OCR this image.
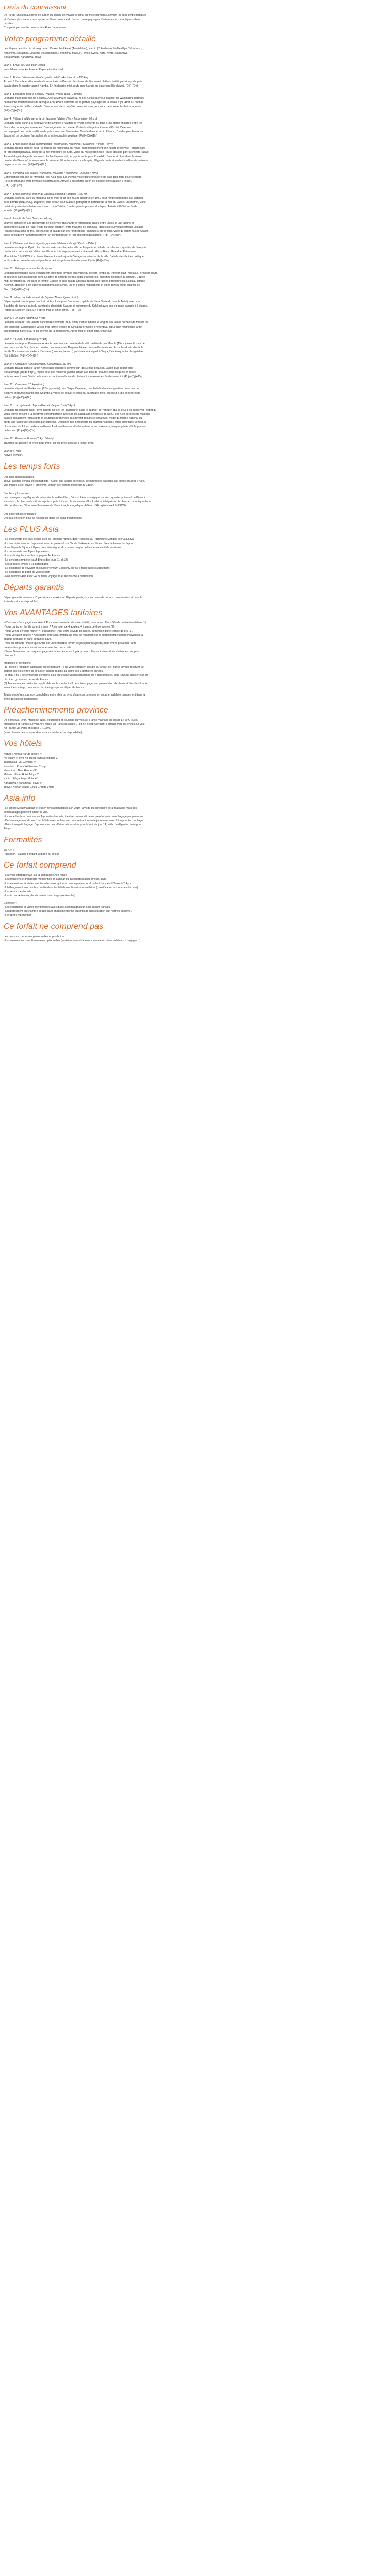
Lavis du connaisseur

De l'île de Shikoku aux rives de la mer du Japon, un voyage original qui mêle harmonieusement les sites emblématiques

et d'autres plus secrets pour apprécier l'âme profonde du Japon : entre paysages d'estampes et romantiques villes-

musées.

Complété par une découverte des Alpes Japonaises.

Votre programme détaillé

Les étapes de votre circuit en groupe : Osaka, Ile d'Awaji (Awajishima), Naruto (Tokushima), Vallée d'Iya, Takamatsu,

Naoshima, Kurashiki, Miyajima (Itsukushima), Hiroshima, Matsue, Himeji, Kyoto, Nara, Kyoto, Kanazawa,

Shirakawago, Kanazawa, Tokyo

Jour 1 : Envol de Paris pour Osaka

en vol direct avec Air France. Repas et nuit à bord.

Jour 2 : Entre château médiéval et grotte ciel (Osaka / Naruto - 130 km)

Accueil à l'arrivée et découverte de la capitale du Kansaï : l'extérieur de l'imposant château fortifié par Hideyoshi puis

balade dans le quartier animé Namba. En fin d'après-midi, route pour Naruto en traversant l'île d'Awaji. (Dé)+(Dn)

Jour 3 : Echappée belle à Shikoku (Naruto / Vallée d'Iya - 140 km)

Le matin, route pour l'île de Shikoku. Arrêt à Mima et balade au fil des ruelles du vieux quartier de Wakimachi, bordées

de maisons traditionnelles de l'époque Edo. Route à travers les superbes paysages de la vallée d'Iya. Arrêt au pont de

lianes suspendu de Kazurabashi. Dîner et nuit dans un hôtel onsen où vous pourrez expérimenter les bains japonais.

(Pdj)+(Dj)+(Dn)

Jour 4 : Village traditionnel et jardin japonais (Vallée d'Iya / Takamatsu - 90 km)

Le matin, vous partir à la découverte de la vallée d'Iya dont la rivière serpente au fond d'une gorge encerrée entre les

flancs des montagnes couvertes d'une végétation luxuriante. Visite du village traditionnel d'Ochiai. Déjeuner

accompagné de chants traditionnels puis route pour Takamatsu. Balade dans le jardin Ritsurin, l'un des plus beaux du

Japon, où se déclinent l'art raffiné de la scénographie végétale. (Pdj)+(Dj)+(Dn)

Jour 5 : Entre nature et art contemporain (Takamatsu / Naoshima / Kurashiki - 40 km + ferry)

Le matin, départ en ferry pour l'île musée de Naoshima qui marie harmonieusement une nature préservée, l'architecture

et l'art contemporain au cœur de la mer intérieure de Seto. Visite du musée Benesse House dessiné par l'architecte Tadao

Ando et du joli village de Honmura. En fin d'après-midi, ferry puis route pour Kurashiki. Balade et dîner dans le vieux

quartier de Bikan, où le temps semble s'être arrêté entre canaux ombragés, élégants ponts et ruelles bordées de maisons

de pierre et de bois. (Pdj)+(Dj)+(Dn)

Jour 6 : Miyajima, l'île sacrée (Kurashiki / Miyajima / Hiroshima - 220 km + ferry)

Continuation vers l'île de Miyajima (voir Asia info). En chemin, visite d'une brasserie de saké puis ferry pour rejoindre

l'île et promenade entre temples et sanctuaires. Arrivée à Hiroshima en fin de journée et installation à l'hôtel.

(Pdj)+(Dj)+(Dn)

Jour 7 : Entre Mémorial et mer du Japon (Hiroshima / Matsue - 190 km)

Le matin, visite du parc du Mémorial de la Paix et de son musée construit en 1960 pour rendre hommage aux victimes

de la bombe (UNESCO). Déjeuner, puis départ pour Matsue, petit port en bordure de la mer du Japon. En chemin, visite

du très important et vénéré sanctuaire Izumo Taisha, l'un des plus importants du Japon. Arrivée à l'hôtel en fin de

journée. (Pdj)+(Dj)+(Dn)

Jour 8 : Le cité de l'eau (Matsue - 40 km)

Journée consacrée à la découverte de cette ville attachante et romantique située entre un lac et une lagune et

surplombée la cité de l'eau. Visite du vieux quartier, entre maisons de samouraï (dont celle où vécut l'écrivain Lafcadio

Hearn) et pavillons de thé, du château et balade sur ses fortifications (canaux). L'après-midi, visite du jardin musée Adachi

où se conjuguent harmonieusement l'art contemporain et l'art ancestral des jardins. (Pdj)+(Dj)+(Dn)

Jour 9 : Château médiéval et jardin japonais (Matsue / Himeji / Kyoto - 350km)

Le matin, route pour Kyoto. En chemin, arrêt dans la petite ville de Tsuyama et balade dans le vieux quartier de Joto puis

continuation vers Himeji. Visite du célèbre et très impressionnant château du Héron Blanc. Grand au Patrimoine

Mondial de l'UNESCO, il a révolu fièrement son donjon de 5 étages au-dessus de la ville. Balade dans le très poétique

jardin Kokoen entre bassins et pavillons délicats puis continuation vers Kyoto. (Pdj)+(Dn)

Jour 10 : Estampes immuables de Kyoto

Le matin promenade dans le jardin zen du temple Ryoanji puis visite du célèbre temple du Pavillon d'Or (Kinkakuji) (Pavillon d'Or),

et déjeuner dans les jeux de sons luc orné de coffrets bordés et du château Nijo, ancienne demeure du shogun. L'après-

midi, cérémonie du thé dans le temple Genkin-in puis balade à pied à travers des ruelles traditionnelles jusqu'au temple

Kiyomizu dont l'on a un superbe panorama sur la ville. En fin d'après-midi flânerie et dîner dans le vieux quartier de

Gion. (Pdj)+(Dj)+(Dn)

Jour 11 : Nara, capitale ancestrale (Kyoto / Nara / Kyoto - train)

Départ à pied pour la gare puis train et bus local pour l'ancienne capitale de Nara. Visite du temple Todaiji avec son

Bouddha de bronze, puis du sanctuaire shintoïste Kasuga et du temple du Kofukuji avec son élégante pagode à 5 étages.

Retour à Kyoto en train. En d'après-midi et dîner libres. (Pdj)+(Dj)

Jour 12 : Un autre regard sur Kyoto

Le matin, visite du très vénéré sanctuaire shintoïste de Fushimi Inari et balade le long de ses allées bordées de milliers de

torii vermillon. Continuation vers le très raffiné temple de Ginkakuji (Pavillon d'Argent) au cœur d'un magnifique jardin

puis politique flânerie au fil du chemin de la philosophie. Après-midi et dîner libre. (Pdj)+(Dj)

Jour 13 : Kyoto / Kanazawa (270 km)

Le matin, route pour Kanazawa. Après le déjeuner, découverte de la cité médiévale des Maeda (15e s.) avec le marché

aux poissons de Omi, l'ancien quartier des samouraïs Nagamachi avec ses vieilles maisons de torchis dont celle de la

famille Nomura et ses ateliers d'artisans (poteries, laque...) puis balade à Higashi Chaya, l'ancien quartier des geishas.

Nuit à l'hôtel. (Pdj)+(Dj)+(Dn)

Jour 14 : Kanazawa / Shirakawago / Kanazawa (160 km)

Le matin, balade dans le jardin Kenrokuen considéré comme l'un des 3 plus beaux du Japon puis départ pour

Shirakawago (3h de trajet), réputé pour ses maisons gassho-zukuri aux toits de chaume sous lesquels on élève

jadis les vers à soie. Visite de la maison traditionnelle Kanda. Retour à Kanazawa en fin d'après-midi. (Pdj)+(Dj)+(Dn)

Jour 15 : Kanazawa / Tokyo (train)

Le matin, départ en Shinkansen (TGV japonais) pour Tokyo. Déjeuner, puis balade dans les quartiers branchés de

Shibuya et d'Omotesando (les Champs Elysées de Tokyo) et visite du sanctuaire Meiji, au cœur d'une belle forêt de

cèdres. (Pdj)+(Dj)+(Dn)

Jour 16 : La capitale du Japon d'hier et d'aujourd'hui (Tokyo)

Le matin, découverte d'un Tokyo insolite en vieil Inn traditionnel dans le quartier de Yanesen qui lui-seul a su conserver l'esprit du

vieux Tokyo, mêlant à la créativité contemporaine avec son joli sanctuaire shintoïste de Nezu, ses rues bordées de maisons

basses qui abritent restaurants et boutiques branchées ou souvent artisans et créateurs. Visite du musée national qui

abrite une fabuleuse collection d'art japonais. Déjeuner puis découverte du quartier Asakusa : visite du temple Sensoji, le

plus ancien de Tokyo, dédié à la déesse Asakusa Kannon et balade dans la rue Nakamise, longue galerie d'échoppes et

de bazars. (Pdj)+(Dj)+(Dn)

Jour 17 : Retour en France (Tokyo / Paris)

Transfert à l'aéroport et envol pour Paris, en vol direct avec Air France. (Pdj)

Jour 18 : Paris

Arrivée le matin.

Les temps forts

Des sites incontournables

Tokyo, capitale vertical et cosmopolite ; Kyoto, aux jardins sereins où se mirent des pavillons aux lignes épurées ; Nara,

ville-musée à ciel ouvert ; Hiroshima, témoin de l'histoire moderne du Japon.

Des lieux plus secrets

Les paysages magnifiques de la luxuriante vallée d'Iya ; l'atmosphère nostalgique du vieux quartier préservé de Bikan à

Kurashiki ; la charmante cité de la philosophie à Kyoto ; le sanctuaire d'Itsukushima à Miyajima ; le charme romantique de la

ville de Matsue ; l'étonnante île-musée de Naoshima, le magnifique château d'Himeji (classé UNESCO).

Des expériences originales

Une nuit en onsen pour se ressourcer dans les bains traditionnels.

Les PLUS Asia

- La découverte des plus beaux sites de l'archipel nippon, dont 4 classés au Patrimoine Mondial de l'UNESCO

- La rencontre avec un Japon méconnu et préservé sur l'île de Shikoku et au fil des côtes de la mer du Japon

- Une étape de 3 jours à Kyoto pour s'imprégner du charme unique de l'ancienne capitale impériale

- La découverte des Alpes Japonaises

- Les vols réguliers sur la compagnie Air France

- La pension complète (sauf dîners des jours 11 et 12)

- Les groupes limités à 18 participants

- La possibilité de voyager en classe Premium Economy sur Air France (avec supplément)

- La possibilité de partir de votre région

- Nos services Asia Avec 24/24 relais voyageurs et assistance à destination

Départs garantis

Départ garantis minimum 10 participants, maximum 18 participants, (sur les dates de départs mentionnées et dans la

limite des stocks disponibles)

Vos AVANTAGES tarifaires

- C'est votre 3e voyage avec Asia ? Pour vous remercier de votre fidélité, nous vous offrons 5% de remise immédiate (1).

- Vous partez en famille ou entre amis ? À compter de 4 adultes, 4 à partir de 6 personnes (2).

- Vous venez de vous marier ? Félicitations ! Pour votre voyage de noces, bénéficiez d'une remise de 5% (3).

- Vous voyagez seul(e) ? Avec notre offre solo, profitez de 50% de réduction sur le supplément chambre individuelle à

chaque semaine et dans certaines pays.

- Vive les enfants ! Parce que l'Asie est un formidable terrain de jeux pour les petits, nous avons prévu des tarifs

préférentiels pour eux aussi, sur une sélection de circuits.

- Super Tentations : à chaque voyage ses dates de départ à prix promo... Places limitées donc n'attendez pas pour

réserver !

Modalités et conditions

(1) Fidélité : réduction applicable sur le montant HT de votre circuit en groupe au départ de France si vous réservez de

justifier que c'est votre 3e circuit en groupe réalisé au cours des 6 dernières années.

(2) Tribu : 50 € de remise par personne pour toute réservation simultanée de 4 personnes ou plus (un seul dossier) sur un

circuit en groupe au départ de France.

(3) Jeunes mariés : réduction applicable sur le montant HT de votre voyage, sur présentation des bans et dans les 6 mois

suivant le mariage, pour votre circuit en groupe au départ de France.

Toutes ces offres sont non cumulables entre elles ou avec d'autres promotions en cours et valables uniquement dans la

limite des places disponibles.

Préacheminements province

De Bordeaux, Lyon, Marseille, Nice, Strasbourg et Toulouse sur vols Air France via Paris en classe L : 20 € ; Lille,

Montpellier et Nantes sur vols Air France via Paris en classe L : 85 € ; Brest, Clermont-Ferrand, Pau et Rennes sur vols

Air France via Paris en classe L : 190 €.

(sous réserve de correspondances accessibles et de disponibilité)

Vos hôtels

Naruto : Awaya Naruto Resort 4*

Iya Valley : Hikyo No Yu ou Kazura Kobashi 3*

Takamatsu : JR Clement 4*

Kurashiki : Kurashiki Kokusai 3*sup

Hiroshima : New Hiroden 3*

Matsue : Excel Hotel Tokyu 3*

Kyoto : Rihga Royal Hotel 4*

Kanazawa : Kanazawa Tokyu 4*

Tokyo : Keihan Tsukiji Ginza Grande 3*sup

Asia info

- Le tori de Miyajima (pour le) est en rénovation depuis juin 2019, la visite du sanctuaire sera réalisable mais des

échafaudages pourront altérer la vue.

- Le superbe des chambres au Japon étant réduite, il est recommandé de ne prendre qu'un seul bagage par personne.

- Dédommagement du jour 1 en hôtel onsen se fera en chambre traditionnelle japonaise, avec futon pour le couchage.

- Prévoir un petit bagage d'appoint avec les affaires nécessaires pour la nuit du jour 14, veille du départ en train pour

Tokyo.

Formalités

JAPON :

Passeport : valable pendant la durée du séjour.

Ce forfait comprend

- Les vols internationaux sur la compagnie Air France

- Les transferts et transports mentionnés en autocar ou transports publics (métro, train).

- Les excursions et visites mentionnées avec guide accompagnateur local parlant français d'Osaka à Tokyo.

- L'hébergement en chambre double dans les hôtels mentionnés ou similaires (classification aux normes du pays).

- Les repas mentionnés.

- Les taxes aériennes, de sécurité et surcharges (révisables).

Extension :

- Les excursions et visites mentionnées avec guide accompagnateur local parlant français.

- L'hébergement en chambre double dans l'hôtel mentionné ou similaire (classification aux normes du pays).

- Les repas mentionnés.

Ce forfait ne comprend pas

Les boissons, dépenses personnelles et pourboires

- Les assurances complémentaires optionnelles (assistance-rapatriement - annulation - frais médicaux - bagages...)
